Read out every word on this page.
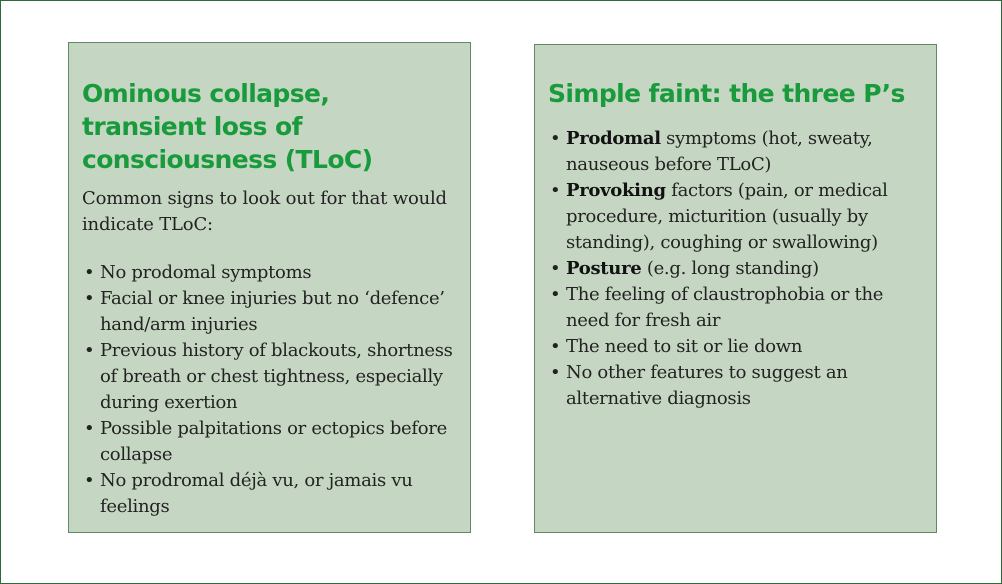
Ominous collapse, transient loss of consciousness (TLoC)

Common signs to look out for that would indicate TLoC:

• No prodomal symptoms
• Facial or knee injuries but no ‘defence’ hand/arm injuries
• Previous history of blackouts, shortness of breath or chest tightness, especially during exertion
• Possible palpitations or ectopics before collapse
• No prodromal déjà vu, or jamais vu feelings
Simple faint: the three P’s
• Prodomal symptoms (hot, sweaty, nauseous before TLoC)
• Provoking factors (pain, or medical procedure, micturition (usually by standing), coughing or swallowing)
• Posture (e.g. long standing)
• The feeling of claustrophobia or the need for fresh air
• The need to sit or lie down
• No other features to suggest an alternative diagnosis
